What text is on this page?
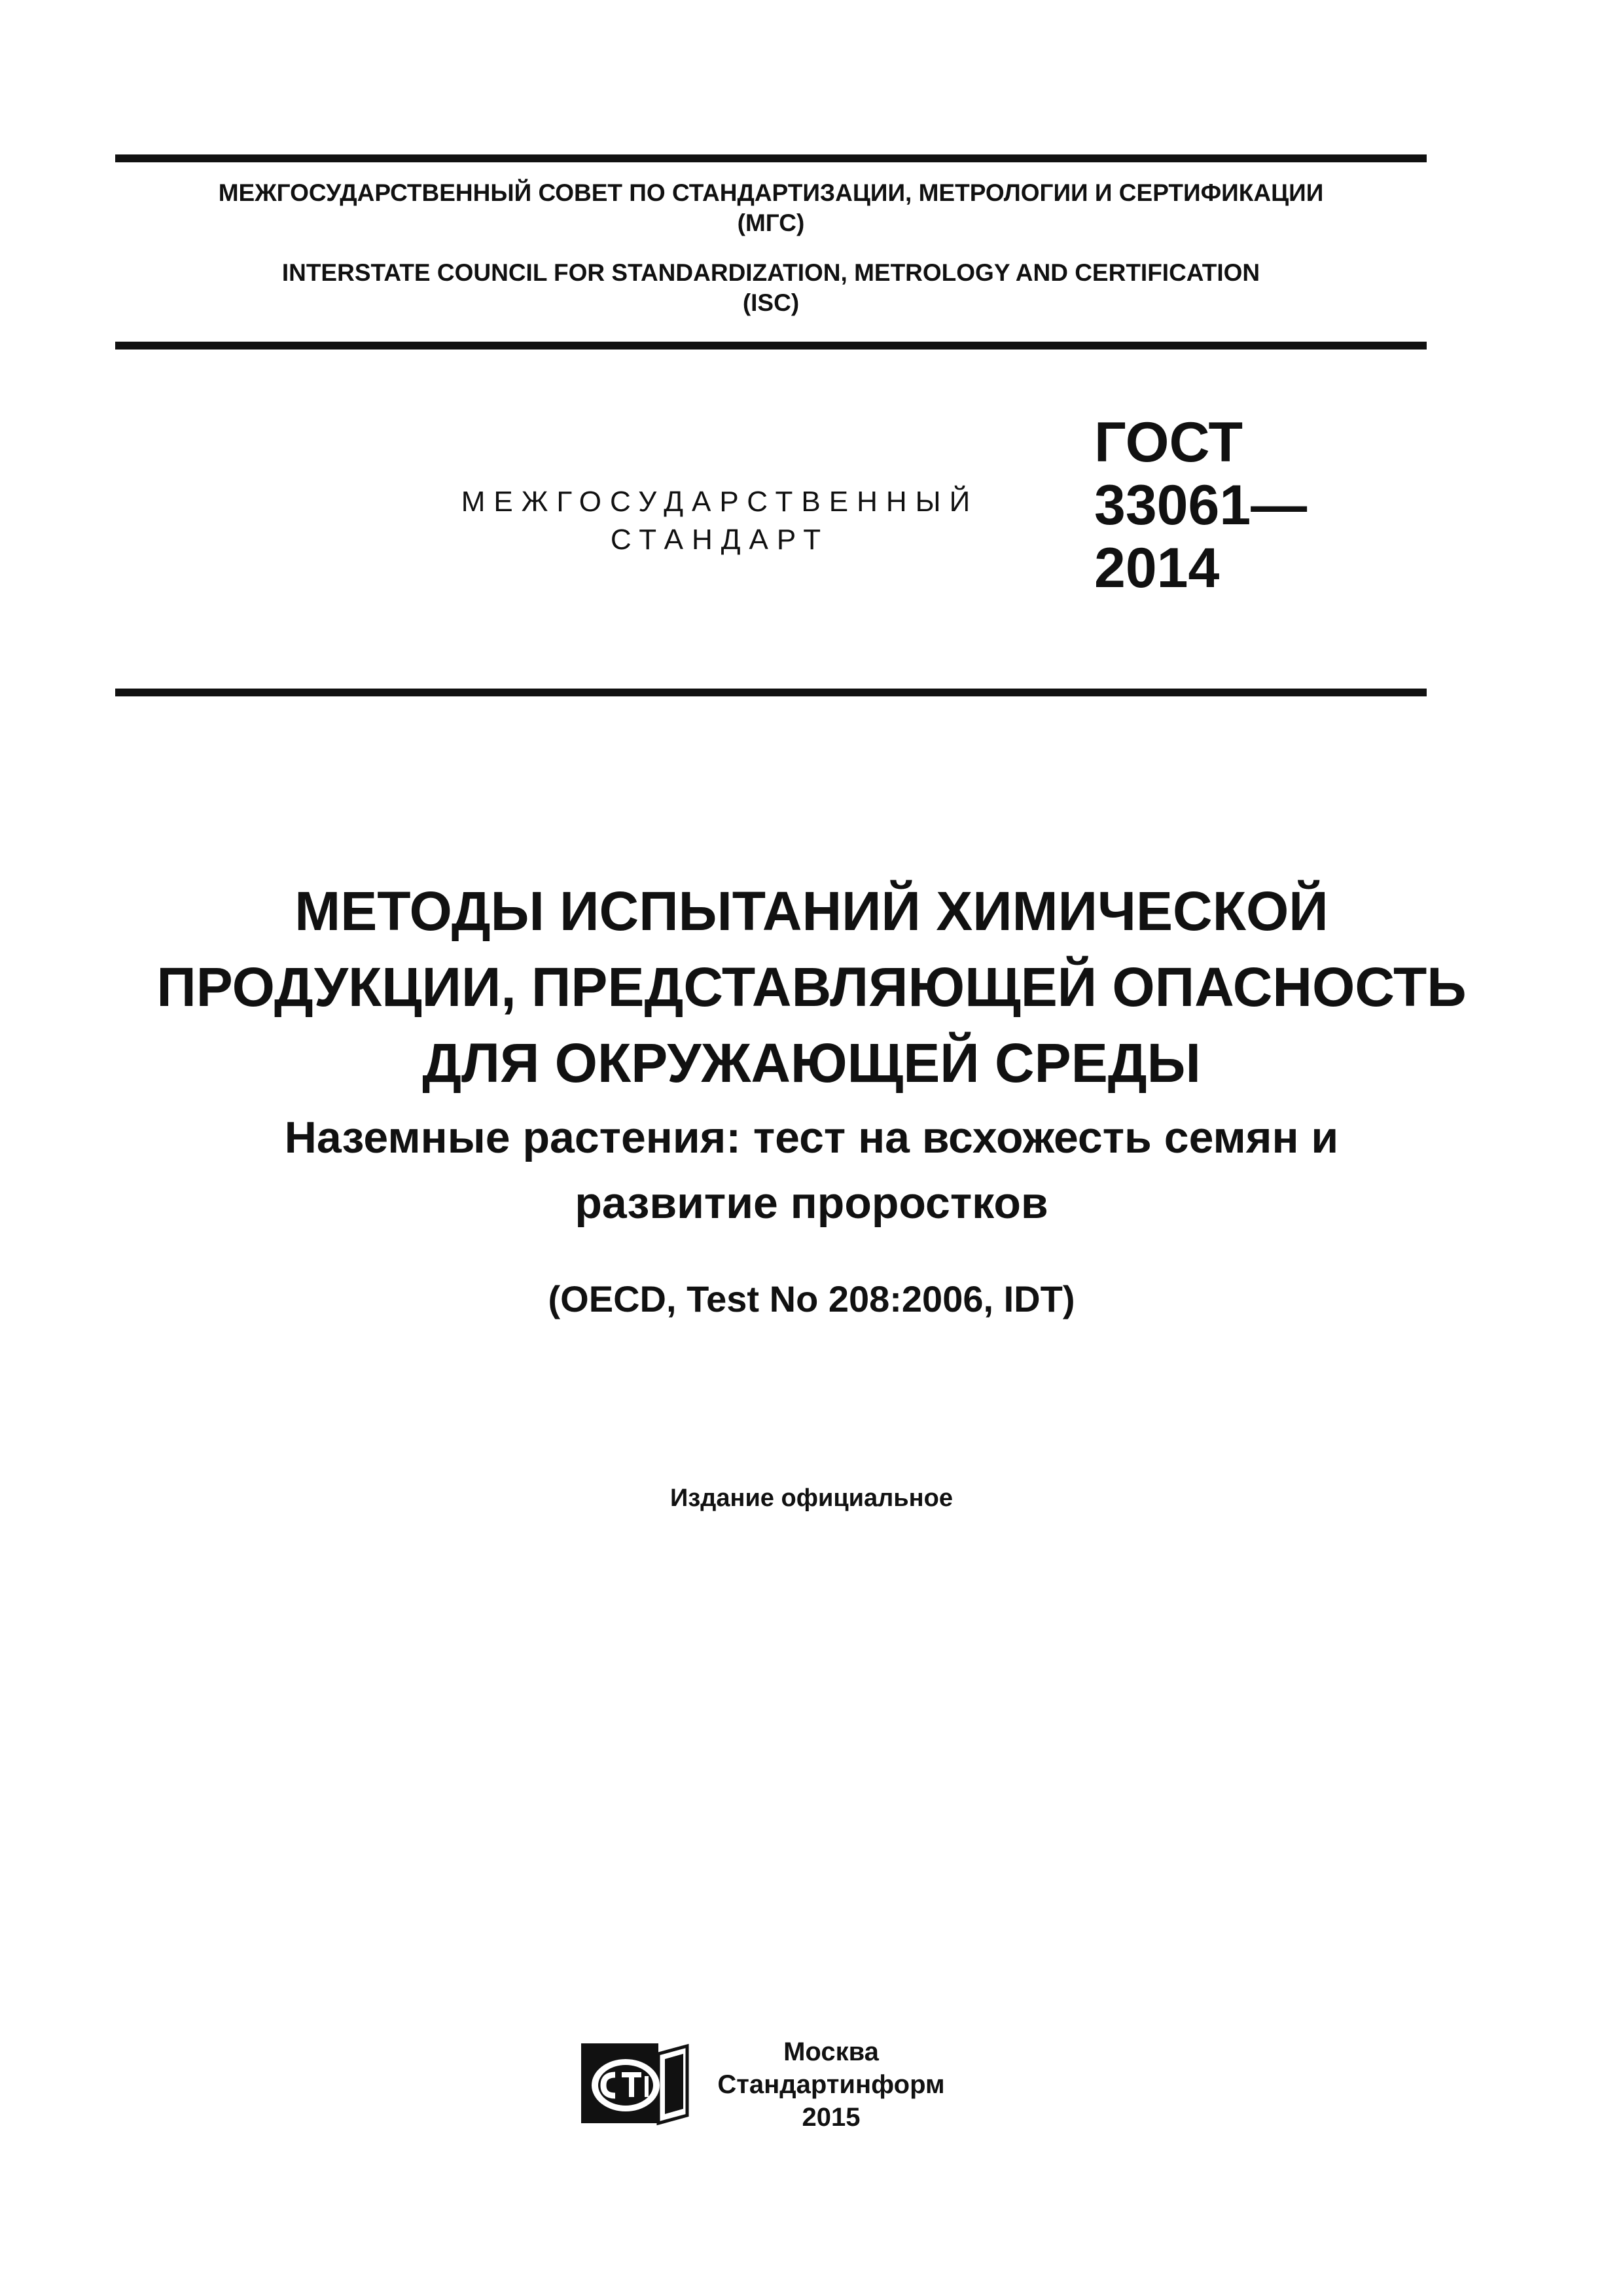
МЕЖГОСУДАРСТВЕННЫЙ СОВЕТ ПО СТАНДАРТИЗАЦИИ, МЕТРОЛОГИИ И СЕРТИФИКАЦИИ
(МГС)
INTERSTATE COUNCIL FOR STANDARDIZATION, METROLOGY AND CERTIFICATION
(ISC)
МЕЖГОСУДАРСТВЕННЫЙ
СТАНДАРТ
ГОСТ
33061—
2014
МЕТОДЫ ИСПЫТАНИЙ ХИМИЧЕСКОЙ
ПРОДУКЦИИ, ПРЕДСТАВЛЯЮЩЕЙ ОПАСНОСТЬ
ДЛЯ ОКРУЖАЮЩЕЙ СРЕДЫ
Наземные растения: тест на всхожесть семян и
развитие проростков
(OECD, Test No 208:2006, IDT)
Издание официальное
Москва
Стандартинформ
2015
